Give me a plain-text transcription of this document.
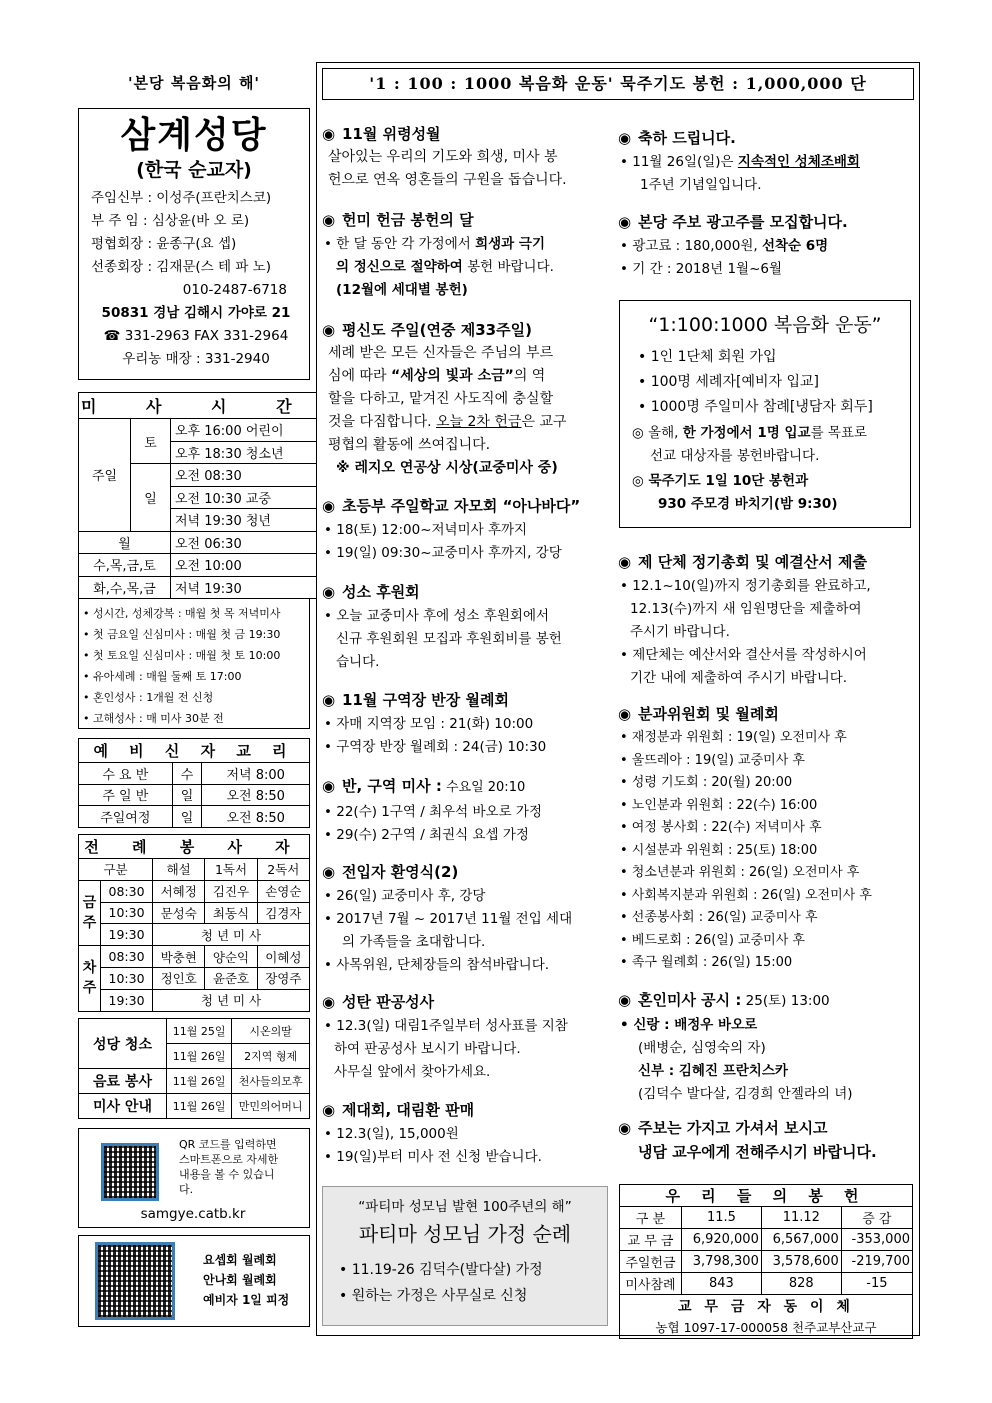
'본당 복음화의 해'
삼계성당
(한국 순교자)
주임신부 : 이성주(프란치스코)
부 주 임 : 심상윤(바 오 로)
평협회장 : 윤종구(요 셉)
선종회장 : 김재문(스 테 파 노)
010-2487-6718
50831 경남 김해시 가야로 21
☎ 331-2963 FAX 331-2964
우리농 매장 : 331-2940
미 사 시 간		
주일	토	오후 16:00 어린이
		오후 18:30 청소년
	일	오전 08:30
		오전 10:30 교중
		저녁 19:30 청년
월		오전 06:30
수,목,금,토		오전 10:00
화,수,목,금		저녁 19:30
• 성시간, 성체강복 : 매월 첫 목 저녁미사
• 첫 금요일 신심미사 : 매월 첫 금 19:30
• 첫 토요일 신심미사 : 매월 첫 토 10:00
• 유아세례 : 매월 둘째 토 17:00
• 혼인성사 : 1개월 전 신청
• 고해성사 : 매 미사 30분 전
예 비 신 자 교 리		
수 요 반	수	저녁 8:00
주 일 반	일	오전 8:50
주일여정	일	오전 8:50
전 례 봉 사 자				
구분		해설	1독서	2독서
금주	08:30	서혜정	김진우	손영순
	10:30	문성숙	최동식	김경자
	19:30	청 년 미 사		
차주	08:30	박충현	양순익	이혜성
	10:30	정인호	윤준호	장영주
	19:30	청 년 미 사		
성당 청소	11월 25일	시온의딸
	11월 26일	2지역 형제
음료 봉사	11월 26일	천사들의모후
미사 안내	11월 26일	만민의어머니
QR 코드를 입력하면
스마트폰으로 자세한
내용을 볼 수 있습니
다.
samgye.catb.kr
요셉회 월례회
안나회 월례회
예비자 1일 피정
'1 : 100 : 1000 복음화 운동' 묵주기도 봉헌 : 1,000,000 단
◉ 11월 위령성월
살아있는 우리의 기도와 희생, 미사 봉
헌으로 연옥 영혼들의 구원을 돕습니다.
◉ 헌미 헌금 봉헌의 달
• 한 달 동안 각 가정에서 희생과 극기
의 정신으로 절약하여 봉헌 바랍니다.
(12월에 세대별 봉헌)
◉ 평신도 주일(연중 제33주일)
세례 받은 모든 신자들은 주님의 부르
심에 따라 “세상의 빛과 소금”의 역
할을 다하고, 맡겨진 사도직에 충실할
것을 다짐합니다. 오늘 2차 헌금은 교구
평협의 활동에 쓰여집니다.
※ 레지오 연공상 시상(교중미사 중)
◉ 초등부 주일학교 자모회 “아나바다”
• 18(토) 12:00~저녁미사 후까지
• 19(일) 09:30~교중미사 후까지, 강당
◉ 성소 후원회
• 오늘 교중미사 후에 성소 후원회에서
신규 후원회원 모집과 후원회비를 봉헌
습니다.
◉ 11월 구역장 반장 월례회
• 자매 지역장 모임 : 21(화) 10:00
• 구역장 반장 월례회 : 24(금) 10:30
◉ 반, 구역 미사 : 수요일 20:10
• 22(수) 1구역 / 최우석 바오로 가정
• 29(수) 2구역 / 최권식 요셉 가정
◉ 전입자 환영식(2)
• 26(일) 교중미사 후, 강당
• 2017년 7월 ~ 2017년 11월 전입 세대
의 가족들을 초대합니다.
• 사목위원, 단체장들의 참석바랍니다.
◉ 성탄 판공성사
• 12.3(일) 대림1주일부터 성사표를 지참
하여 판공성사 보시기 바랍니다.
사무실 앞에서 찾아가세요.
◉ 제대회, 대림환 판매
• 12.3(일), 15,000원
• 19(일)부터 미사 전 신청 받습니다.
“파티마 성모님 발현 100주년의 해”
파티마 성모님 가정 순례
• 11.19-26 김덕수(발다살) 가정
• 원하는 가정은 사무실로 신청
◉ 축하 드립니다.
• 11월 26일(일)은 지속적인 성체조배회
1주년 기념일입니다.
◉ 본당 주보 광고주를 모집합니다.
• 광고료 : 180,000원, 선착순 6명
• 기 간 : 2018년 1월~6월
“1:100:1000 복음화 운동”
• 1인 1단체 회원 가입
• 100명 세례자[예비자 입교]
• 1000명 주일미사 참례[냉담자 회두]
◎ 올해, 한 가정에서 1명 입교를 목표로
선교 대상자를 봉헌바랍니다.
◎ 묵주기도 1일 10단 봉헌과
930 주모경 바치기(밤 9:30)
◉ 제 단체 정기총회 및 예결산서 제출
• 12.1~10(일)까지 정기총회를 완료하고,
12.13(수)까지 새 임원명단을 제출하여
주시기 바랍니다.
• 제단체는 예산서와 결산서를 작성하시어
기간 내에 제출하여 주시기 바랍니다.
◉ 분과위원회 및 월례회
• 재정분과 위원회 : 19(일) 오전미사 후
• 울뜨레아 : 19(일) 교중미사 후
• 성령 기도회 : 20(월) 20:00
• 노인분과 위원회 : 22(수) 16:00
• 여정 봉사회 : 22(수) 저녁미사 후
• 시설분과 위원회 : 25(토) 18:00
• 청소년분과 위원회 : 26(일) 오전미사 후
• 사회복지분과 위원회 : 26(일) 오전미사 후
• 선종봉사회 : 26(일) 교중미사 후
• 베드로회 : 26(일) 교중미사 후
• 족구 월례회 : 26(일) 15:00
◉ 혼인미사 공시 : 25(토) 13:00
• 신랑 : 배정우 바오로
(배병순, 심영숙의 자)
신부 : 김혜진 프란치스카
(김덕수 발다살, 김경희 안젤라의 녀)
◉ 주보는 가지고 가셔서 보시고
냉담 교우에게 전해주시기 바랍니다.
우 리 들 의 봉 헌			
구 분	11.5	11.12	증 감
교 무 금	6,920,000	6,567,000	-353,000
주일헌금	3,798,300	3,578,600	-219,700
미사참례	843	828	-15
교 무 금 자 동 이 체			
농협 1097-17-000058 천주교부산교구			
